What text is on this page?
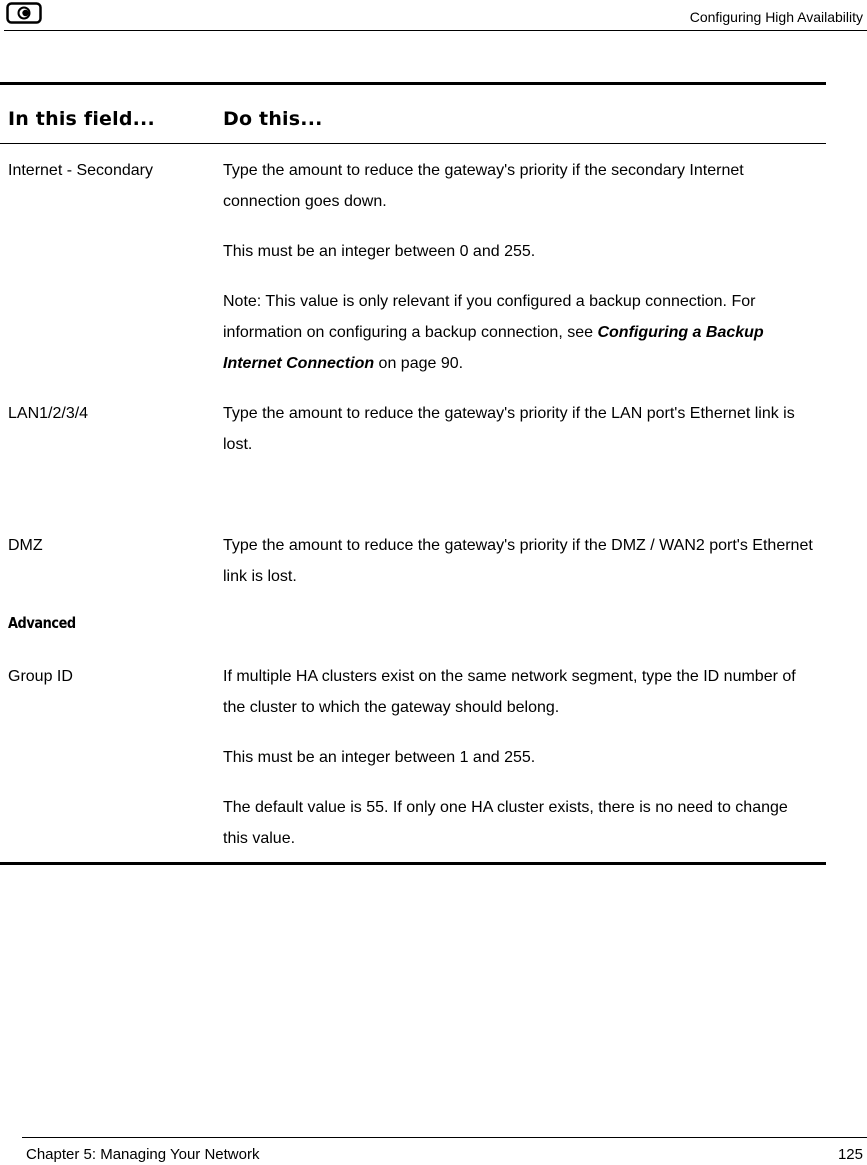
Configuring High Availability
In this field...	Do this...
Internet - Secondary	Type the amount to reduce the gateway's priority if the secondary Internet connection goes down.
This must be an integer between 0 and 255.
Note: This value is only relevant if you configured a backup connection. For information on configuring a backup connection, see Configuring a Backup Internet Connection on page 90.
LAN1/2/3/4	Type the amount to reduce the gateway's priority if the LAN port's Ethernet link is lost.
DMZ	Type the amount to reduce the gateway's priority if the DMZ / WAN2 port's Ethernet link is lost.
Advanced
Group ID	If multiple HA clusters exist on the same network segment, type the ID number of the cluster to which the gateway should belong.
This must be an integer between 1 and 255.
The default value is 55. If only one HA cluster exists, there is no need to change this value.
Chapter 5: Managing Your Network	125
